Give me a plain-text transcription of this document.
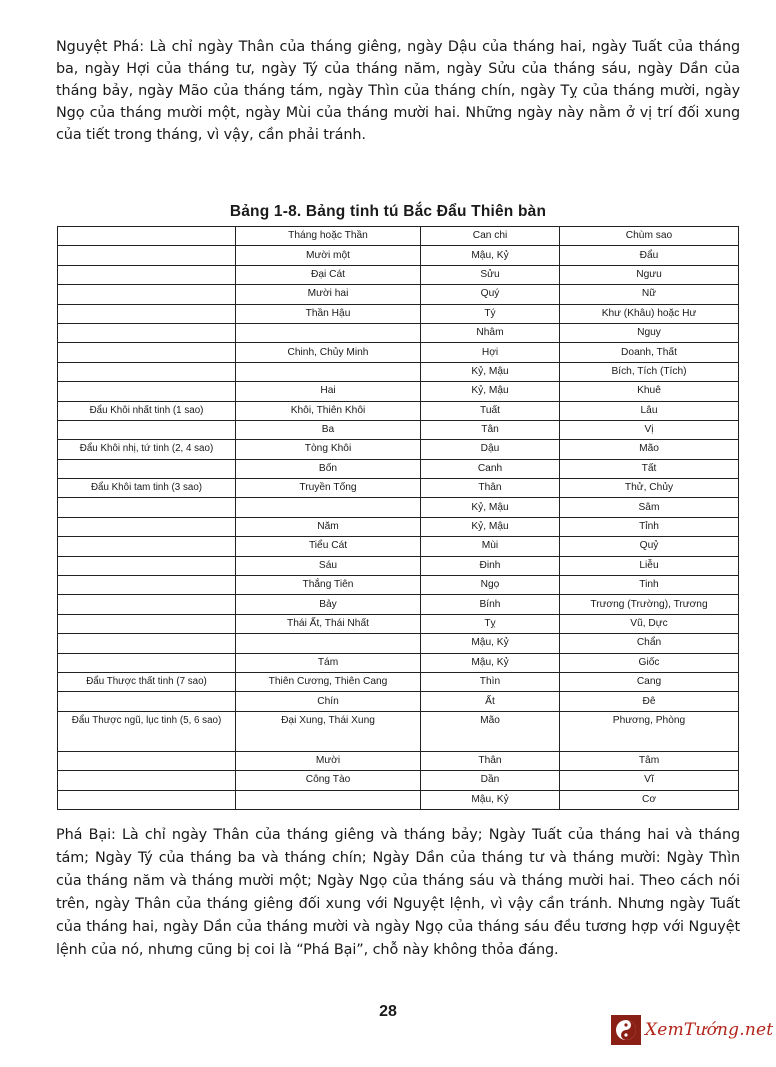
Nguyệt Phá: Là chỉ ngày Thân của tháng giêng, ngày Dậu của tháng hai, ngày Tuất của tháng ba, ngày Hợi của tháng tư, ngày Tý của tháng năm, ngày Sửu của tháng sáu, ngày Dần của tháng bảy, ngày Mão của tháng tám, ngày Thìn của tháng chín, ngày Tỵ của tháng mười, ngày Ngọ của tháng mười một, ngày Mùi của tháng mười hai. Những ngày này nằm ở vị trí đối xung của tiết trong tháng, vì vậy, cần phải tránh.

Bảng 1-8. Bảng tinh tú Bắc Đẩu Thiên bàn
	Tháng hoặc Thần	Can chi	Chùm sao
	Mười một	Mậu, Kỷ	Đẩu
	Đại Cát	Sửu	Ngưu
	Mười hai	Quý	Nữ
	Thần Hậu	Tý	Khư (Khâu) hoặc Hư
		Nhâm	Nguy
	Chinh, Chủy Minh	Hợi	Doanh, Thất
		Kỷ, Mậu	Bích, Tích (Tích)
	Hai	Kỷ, Mậu	Khuê
Đẩu Khôi nhất tinh (1 sao)	Khôi, Thiên Khôi	Tuất	Lâu
	Ba	Tân	Vị
Đẩu Khôi nhị, tứ tinh (2, 4 sao)	Tòng Khôi	Dậu	Mão
	Bốn	Canh	Tất
Đẩu Khôi tam tinh (3 sao)	Truyền Tống	Thân	Thử, Chủy
		Kỷ, Mậu	Sâm
	Năm	Kỷ, Mậu	Tỉnh
	Tiểu Cát	Mùi	Quỷ
	Sáu	Đinh	Liễu
	Thắng Tiên	Ngọ	Tinh
	Bảy	Bính	Trương (Trường), Trương
	Thái Ất, Thái Nhất	Tỵ	Vũ, Dực
		Mậu, Kỷ	Chẩn
	Tám	Mậu, Kỷ	Giốc
Đẩu Thược thất tinh (7 sao)	Thiên Cương, Thiên Cang	Thìn	Cang
	Chín	Ất	Đê
Đẩu Thược ngũ, lục tinh (5, 6 sao)	Đại Xung, Thái Xung	Mão	Phương, Phòng
	Mười	Thân	Tâm
	Công Tào	Dần	Vĩ
		Mậu, Kỷ	Cơ

Phá Bại: Là chỉ ngày Thân của tháng giêng và tháng bảy; Ngày Tuất của tháng hai và tháng tám; Ngày Tý của tháng ba và tháng chín; Ngày Dần của tháng tư và tháng mười: Ngày Thìn của tháng năm và tháng mười một; Ngày Ngọ của tháng sáu và tháng mười hai. Theo cách nói trên, ngày Thân của tháng giêng đối xung với Nguyệt lệnh, vì vậy cần tránh. Nhưng ngày Tuất của tháng hai, ngày Dần của tháng mười và ngày Ngọ của tháng sáu đều tương hợp với Nguyệt lệnh của nó, nhưng cũng bị coi là “Phá Bại”, chỗ này không thỏa đáng.

28
XemTướng.net
